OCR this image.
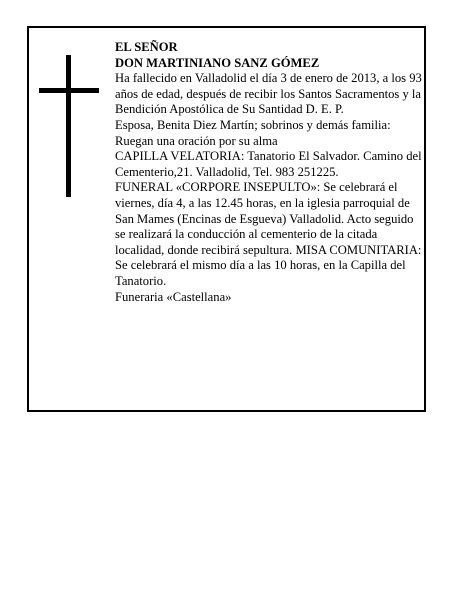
EL SEÑOR

DON MARTINIANO SANZ GÓMEZ

Ha fallecido en Valladolid el día 3 de enero de 2013, a los 93 años de edad, después de recibir los Santos Sacramentos y la Bendición Apostólica de Su Santidad D. E. P.

Esposa, Benita Diez Martín; sobrinos y demás familia:

Ruegan una oración por su alma

CAPILLA VELATORIA: Tanatorio El Salvador. Camino del Cementerio,21. Valladolid, Tel. 983 251225.

FUNERAL «CORPORE INSEPULTO»: Se celebrará el viernes, día 4, a las 12.45 horas, en la iglesia parroquial de San Mames (Encinas de Esgueva) Valladolid. Acto seguido se realizará la conducción al cementerio de la citada localidad, donde recibirá sepultura. MISA COMUNITARIA: Se celebrará el mismo día a las 10 horas, en la Capilla del Tanatorio.

Funeraria «Castellana»
